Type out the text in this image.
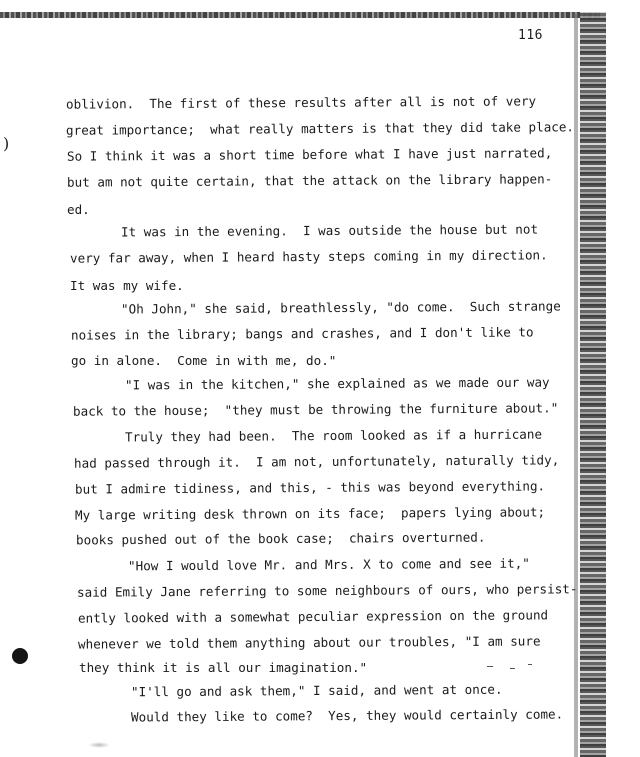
116
)
oblivion.  The first of these results after all is not of very
great importance;  what really matters is that they did take place.
So I think it was a short time before what I have just narrated,
but am not quite certain, that the attack on the library happen-
ed.
It was in the evening.  I was outside the house but not
very far away, when I heard hasty steps coming in my direction.
It was my wife.
"Oh John," she said, breathlessly, "do come.  Such strange
noises in the library; bangs and crashes, and I don't like to
go in alone.  Come in with me, do."
"I was in the kitchen," she explained as we made our way
back to the house;  "they must be throwing the furniture about."
Truly they had been.  The room looked as if a hurricane
had passed through it.  I am not, unfortunately, naturally tidy,
but I admire tidiness, and this, - this was beyond everything.
My large writing desk thrown on its face;  papers lying about;
books pushed out of the book case;  chairs overturned.
"How I would love Mr. and Mrs. X to come and see it,"
said Emily Jane referring to some neighbours of ours, who persist-
ently looked with a somewhat peculiar expression on the ground
whenever we told them anything about our troubles, "I am sure
they think it is all our imagination."
"I'll go and ask them," I said, and went at once.
Would they like to come?  Yes, they would certainly come.
